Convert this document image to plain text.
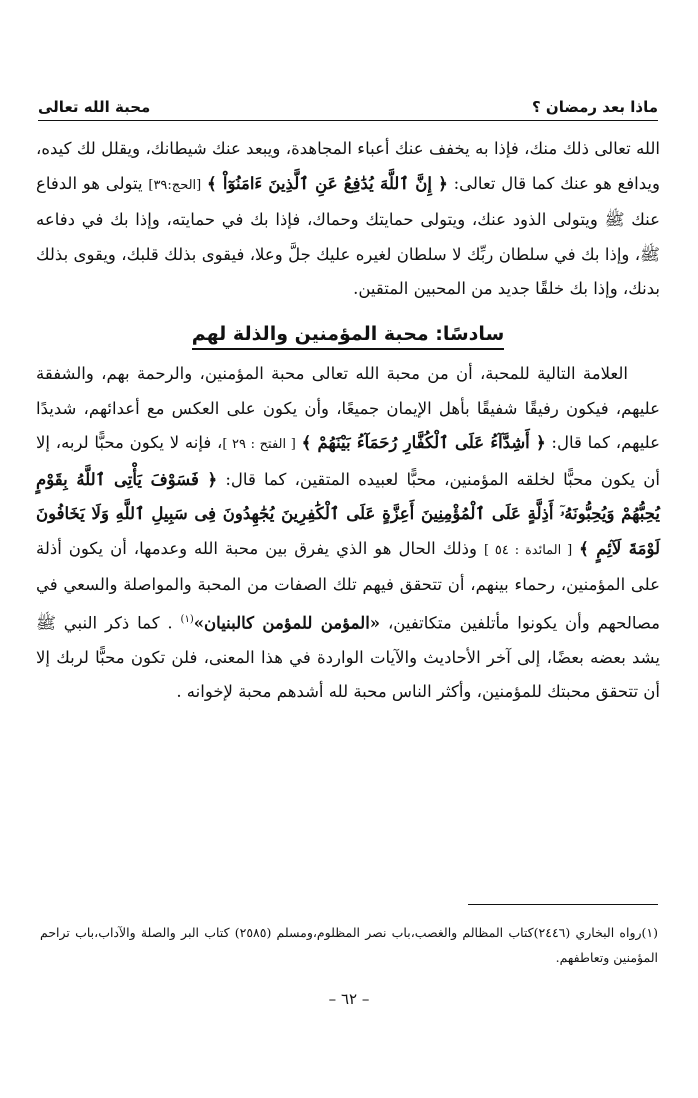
ماذا بعد رمضان ؟
محبة الله تعالى

الله تعالى ذلك منك، فإذا به يخفف عنك أعباء المجاهدة، ويبعد عنك شيطانك، ويقلل لك كيده، ويدافع هو عنك كما قال تعالى: ﴿ إِنَّ ٱللَّهَ يُدَٰفِعُ عَنِ ٱلَّذِينَ ءَامَنُوٓاْ ﴾ [الحج:٣٩] يتولى هو الدفاع عنك ﷺ ويتولى الذود عنك، ويتولى حمايتك وحماك، فإذا بك في حمايته، وإذا بك في دفاعه ﷺ، وإذا بك في سلطان ربِّك لا سلطان لغيره عليك جلَّ وعلا، فيقوى بذلك قلبك، ويقوى بذلك بدنك، وإذا بك خلقًا جديد من المحبين المتقين.

سادسًا: محبة المؤمنين والذلة لهم

العلامة التالية للمحبة، أن من محبة الله تعالى محبة المؤمنين، والرحمة بهم، والشفقة عليهم، فيكون رفيقًا شفيقًا بأهل الإيمان جميعًا، وأن يكون على العكس مع أعدائهم، شديدًا عليهم، كما قال: ﴿ أَشِدَّآءُ عَلَى ٱلْكُفَّارِ رُحَمَآءُ بَيْنَهُمْ ﴾ [ الفتح : ٢٩ ]، فإنه لا يكون محبًّا لربه، إلا أن يكون محبًّا لخلقه المؤمنين، محبًّا لعبيده المتقين، كما قال: ﴿ فَسَوْفَ يَأْتِى ٱللَّهُ بِقَوْمٍ يُحِبُّهُمْ وَيُحِبُّونَهُۥٓ أَذِلَّةٍ عَلَى ٱلْمُؤْمِنِينَ أَعِزَّةٍ عَلَى ٱلْكَٰفِرِينَ يُجَٰهِدُونَ فِى سَبِيلِ ٱللَّهِ وَلَا يَخَافُونَ لَوْمَةَ لَآئِمٍ ﴾ [ المائدة : ٥٤ ] وذلك الحال هو الذي يفرق بين محبة الله وعدمها، أن يكون أذلة على المؤمنين، رحماء بينهم، أن تتحقق فيهم تلك الصفات من المحبة والمواصلة والسعي في مصالحهم وأن يكونوا مأتلفين متكاتفين، «المؤمن للمؤمن كالبنيان»$^{(١)}$ . كما ذكر النبي ﷺ يشد بعضه بعضًا، إلى آخر الأحاديث والآيات الواردة في هذا المعنى، فلن تكون محبًّا لربك إلا أن تتحقق محبتك للمؤمنين، وأكثر الناس محبة لله أشدهم محبة لإخوانه .

(١)رواه البخاري (٢٤٤٦)كتاب المظالم والغصب،باب نصر المظلوم،ومسلم (٢٥٨٥) كتاب البر والصلة والآداب،باب تراحم المؤمنين وتعاطفهم.
– ٦٢ –
